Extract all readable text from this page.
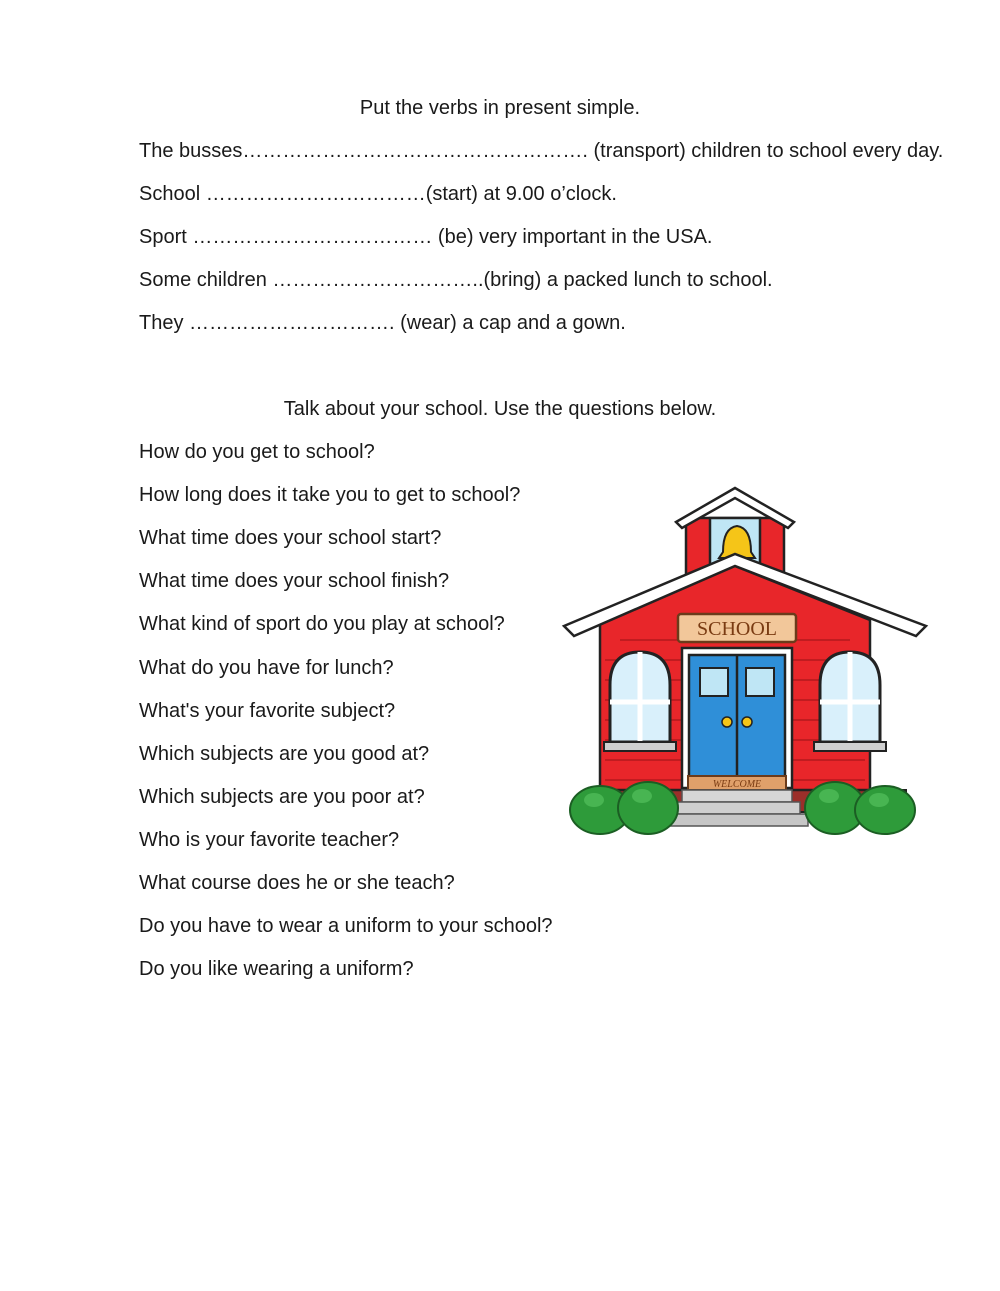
Put the verbs in present simple.

The busses……………………………………………. (transport) children to school every day.

School ……………………………(start) at 9.00 o’clock.

Sport ……………………………… (be) very important in the USA.

Some children …………………………..(bring) a packed lunch to school.

They …………………………. (wear) a cap and a gown.

Talk about your school. Use the questions below.

How do you get to school?

How long does it take you to get to school?

What time does your school start?

What time does your school finish?

What kind of sport do you play at school?

What do you have for lunch?

What's your favorite subject?

Which subjects are you good at?

Which subjects are you poor at?

Who is your favorite teacher?

What course does he or she teach?

Do you have to wear a uniform to your school?

Do you like wearing a uniform?

SCHOOL
WELCOME
